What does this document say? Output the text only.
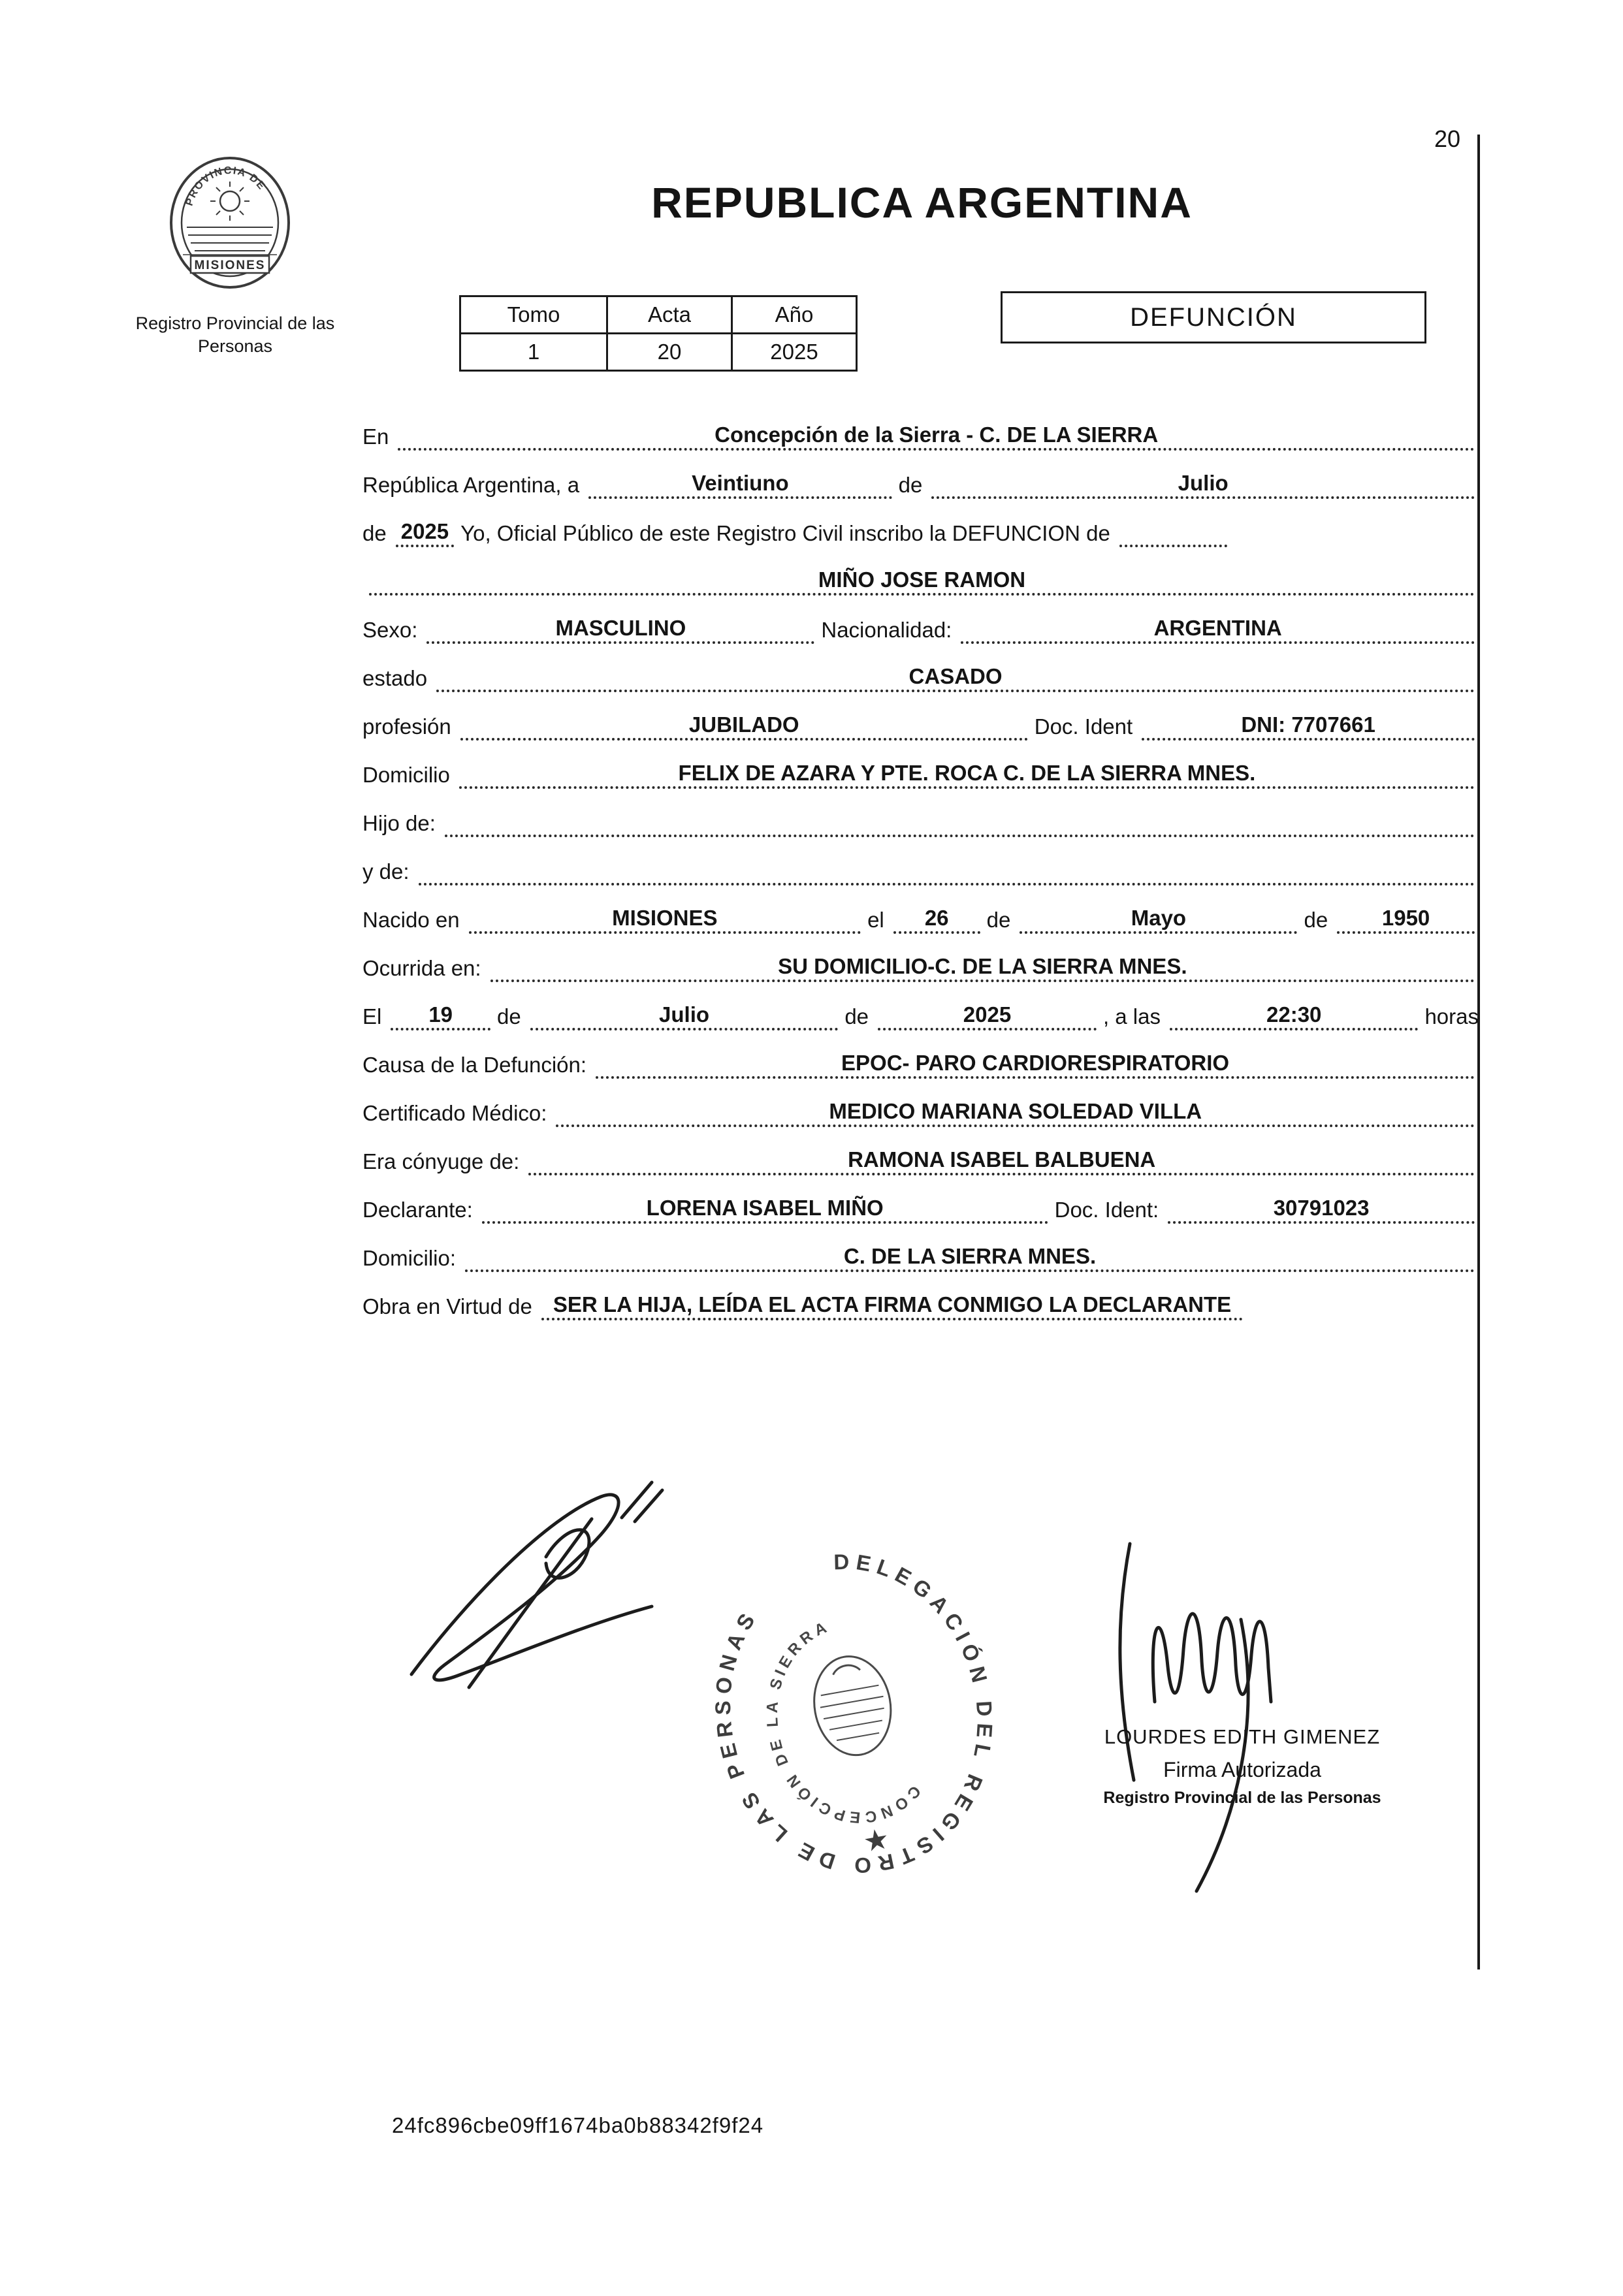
20
PROVINCIA DE
MISIONES
Registro Provincial de las Personas
REPUBLICA ARGENTINA
Tomo	Acta	Año
1	20	2025
DEFUNCIÓN
En	Concepción de la Sierra - C. DE LA SIERRA
República Argentina, a	Veintiuno	de	Julio
de 2025 Yo, Oficial Público de este Registro Civil inscribo la DEFUNCION de
MIÑO JOSE RAMON
Sexo:	MASCULINO	Nacionalidad:	ARGENTINA
estado	CASADO
profesión	JUBILADO	Doc. Ident	DNI: 7707661
Domicilio	FELIX DE AZARA Y PTE. ROCA C. DE LA SIERRA MNES.
Hijo de:
y de:
Nacido en	MISIONES	el	26	de	Mayo	de	1950
Ocurrida en:	SU DOMICILIO-C. DE LA SIERRA MNES.
El	19	de	Julio	de	2025	, a las	22:30	horas
Causa de la Defunción:	EPOC- PARO CARDIORESPIRATORIO
Certificado Médico:	MEDICO MARIANA SOLEDAD VILLA
Era cónyuge de:	RAMONA ISABEL BALBUENA
Declarante:	LORENA ISABEL MIÑO	Doc. Ident:	30791023
Domicilio:	C. DE LA SIERRA MNES.
Obra en Virtud de SER LA HIJA, LEÍDA EL ACTA FIRMA CONMIGO LA DECLARANTE
DELEGACIÓN DEL REGISTRO DE LAS PERSONAS
CONCEPCIÓN DE LA SIERRA
★
LOURDES EDITH GIMENEZ
Firma Autorizada
Registro Provincial de las Personas
24fc896cbe09ff1674ba0b88342f9f24
